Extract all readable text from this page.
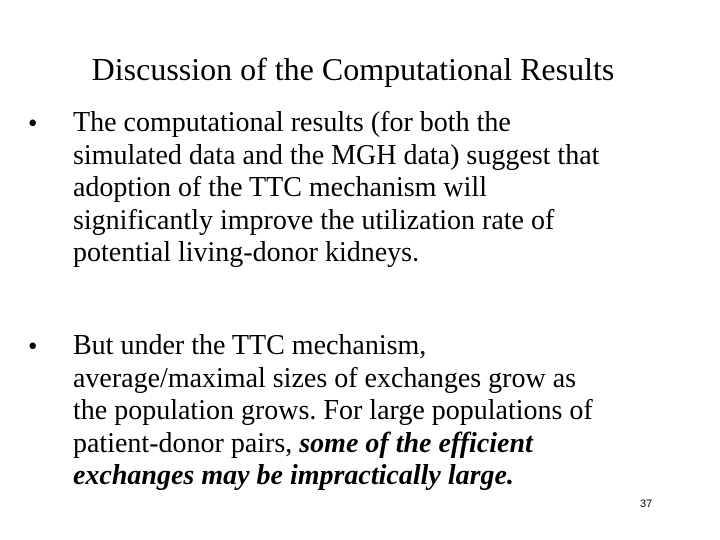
Discussion of the Computational Results
• The computational results (for both the
simulated data and the MGH data) suggest that
adoption of the TTC mechanism will
significantly improve the utilization rate of
potential living-donor kidneys.
• But under the TTC mechanism,
average/maximal sizes of exchanges grow as
the population grows. For large populations of
patient-donor pairs, some of the efficient
exchanges may be impractically large.
37
